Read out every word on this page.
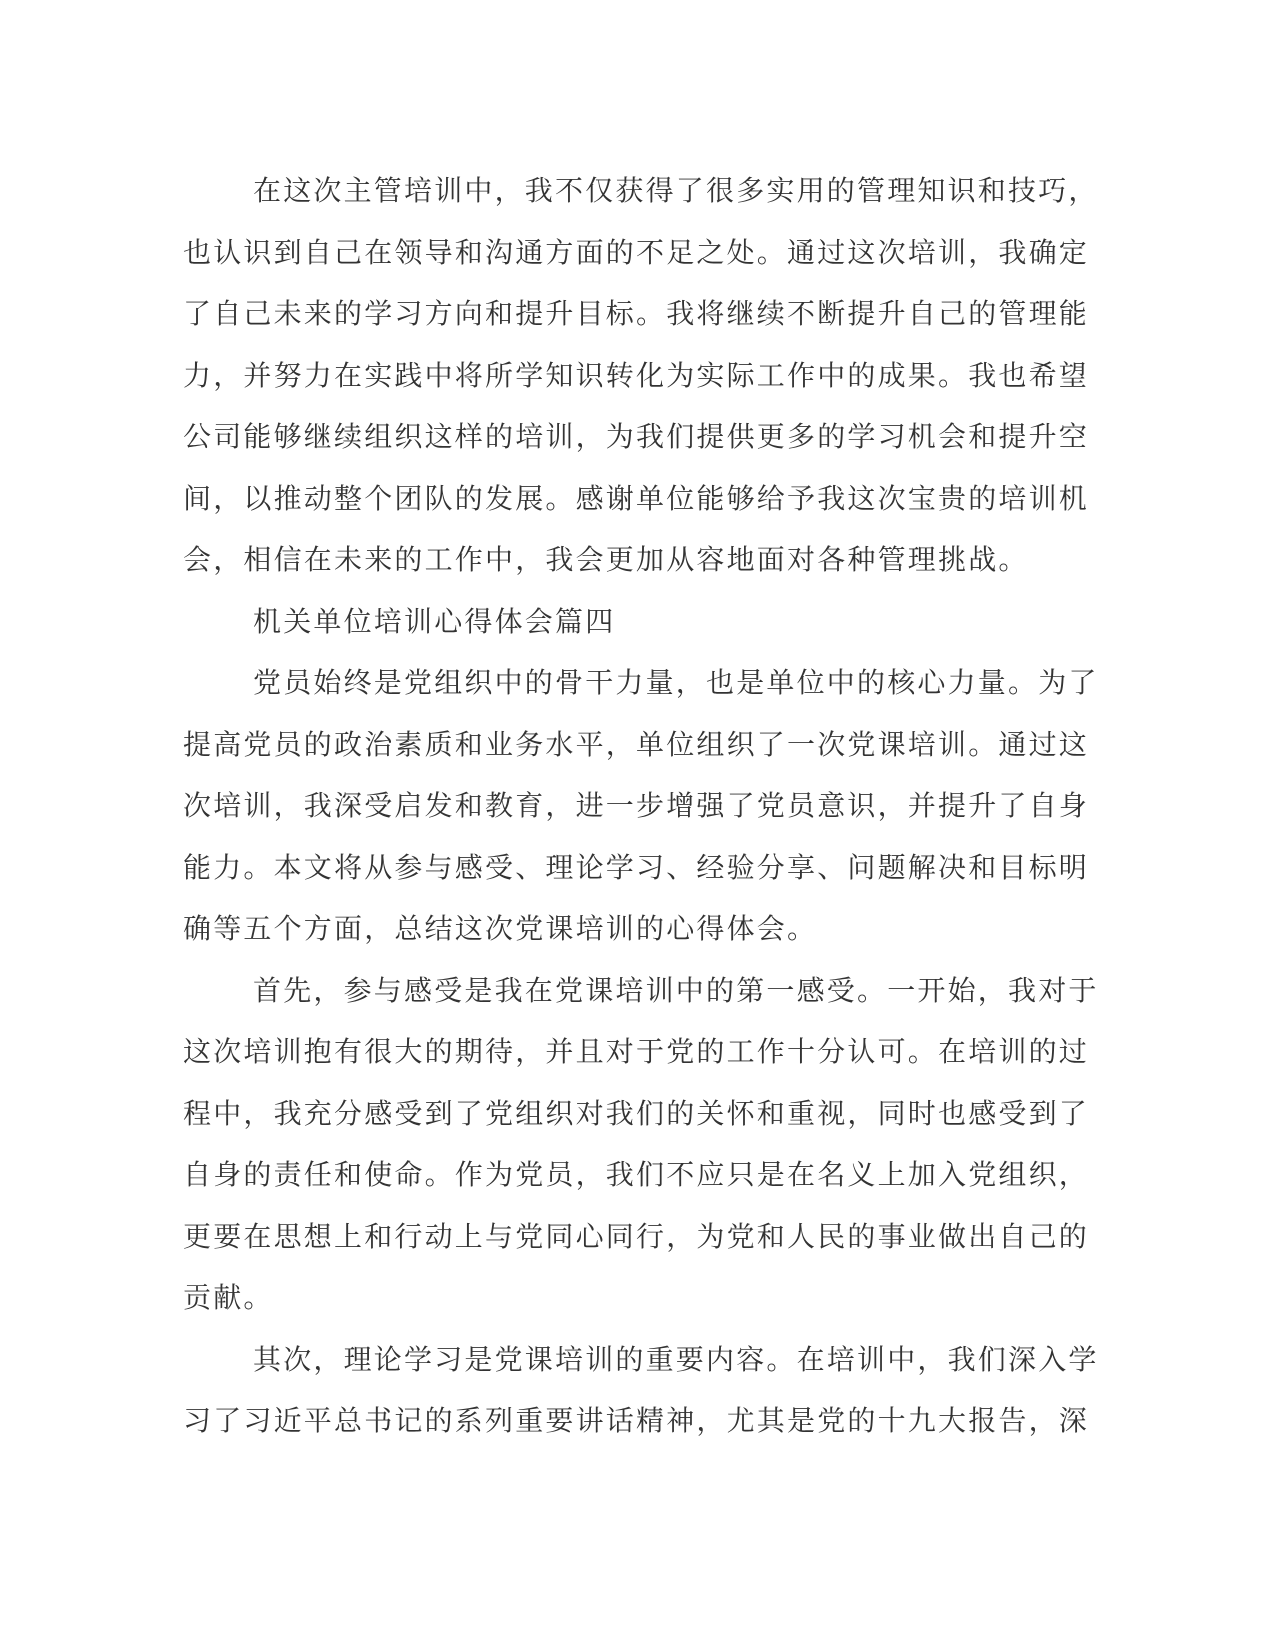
在这次主管培训中，我不仅获得了很多实用的管理知识和技巧，
也认识到自己在领导和沟通方面的不足之处。通过这次培训，我确定
了自己未来的学习方向和提升目标。我将继续不断提升自己的管理能
力，并努力在实践中将所学知识转化为实际工作中的成果。我也希望
公司能够继续组织这样的培训，为我们提供更多的学习机会和提升空
间，以推动整个团队的发展。感谢单位能够给予我这次宝贵的培训机
会，相信在未来的工作中，我会更加从容地面对各种管理挑战。
机关单位培训心得体会篇四
党员始终是党组织中的骨干力量，也是单位中的核心力量。为了
提高党员的政治素质和业务水平，单位组织了一次党课培训。通过这
次培训，我深受启发和教育，进一步增强了党员意识，并提升了自身
能力。本文将从参与感受、理论学习、经验分享、问题解决和目标明
确等五个方面，总结这次党课培训的心得体会。
首先，参与感受是我在党课培训中的第一感受。一开始，我对于
这次培训抱有很大的期待，并且对于党的工作十分认可。在培训的过
程中，我充分感受到了党组织对我们的关怀和重视，同时也感受到了
自身的责任和使命。作为党员，我们不应只是在名义上加入党组织，
更要在思想上和行动上与党同心同行，为党和人民的事业做出自己的
贡献。
其次，理论学习是党课培训的重要内容。在培训中，我们深入学
习了习近平总书记的系列重要讲话精神，尤其是党的十九大报告，深
